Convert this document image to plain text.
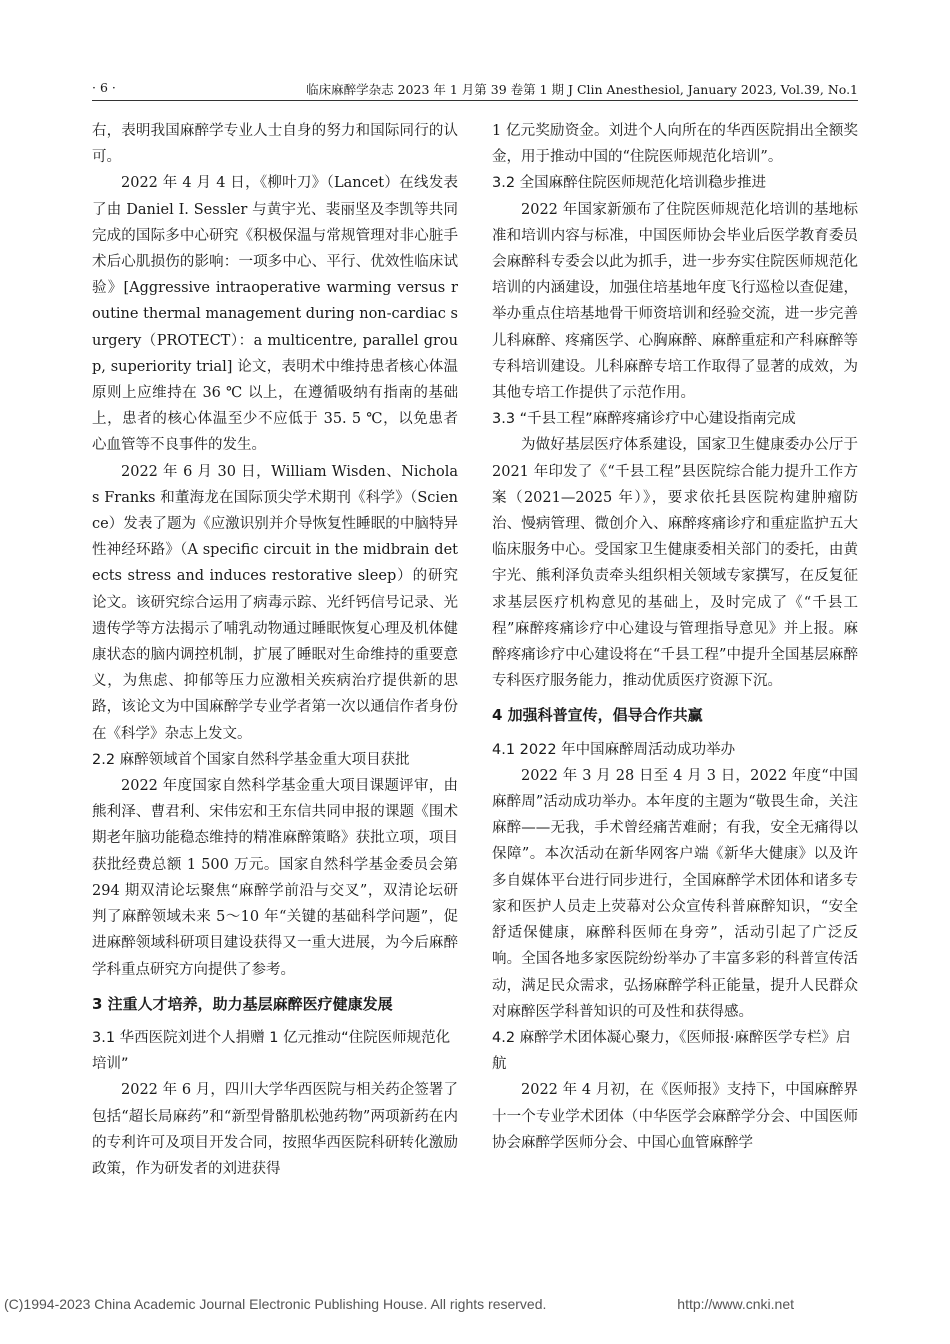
· 6 ·	临床麻醉学杂志 2023 年 1 月第 39 卷第 1 期 J Clin Anesthesiol, January 2023, Vol.39, No.1

右，表明我国麻醉学专业人士自身的努力和国际同行的认可。

2022 年 4 月 4 日，《柳叶刀》（Lancet）在线发表了由 Daniel I. Sessler 与黄宇光、裴丽坚及李凯等共同完成的国际多中心研究《积极保温与常规管理对非心脏手术后心肌损伤的影响：一项多中心、平行、优效性临床试验》[Aggressive intraoperative warming versus routine thermal management during non-cardiac surgery（PROTECT）：a multicentre, parallel group, superiority trial] 论文，表明术中维持患者核心体温原则上应维持在 36 ℃ 以上，在遵循吸纳有指南的基础上，患者的核心体温至少不应低于 35. 5 ℃，以免患者心血管等不良事件的发生。

2022 年 6 月 30 日，William Wisden、Nicholas Franks 和董海龙在国际顶尖学术期刊《科学》（Science）发表了题为《应激识别并介导恢复性睡眠的中脑特异性神经环路》（A specific circuit in the midbrain detects stress and induces restorative sleep）的研究论文。该研究综合运用了病毒示踪、光纤钙信号记录、光遗传学等方法揭示了哺乳动物通过睡眠恢复心理及机体健康状态的脑内调控机制，扩展了睡眠对生命维持的重要意义，为焦虑、抑郁等压力应激相关疾病治疗提供新的思路，该论文为中国麻醉学专业学者第一次以通信作者身份在《科学》杂志上发文。

2.2 麻醉领域首个国家自然科学基金重大项目获批

2022 年度国家自然科学基金重大项目课题评审，由熊利泽、曹君利、宋伟宏和王东信共同申报的课题《围术期老年脑功能稳态维持的精准麻醉策略》获批立项，项目获批经费总额 1 500 万元。国家自然科学基金委员会第 294 期双清论坛聚焦“麻醉学前沿与交叉”，双清论坛研判了麻醉领域未来 5～10 年“关键的基础科学问题”，促进麻醉领域科研项目建设获得又一重大进展，为今后麻醉学科重点研究方向提供了参考。

3 注重人才培养，助力基层麻醉医疗健康发展
3.1 华西医院刘进个人捐赠 1 亿元推动“住院医师规范化培训”

2022 年 6 月，四川大学华西医院与相关药企签署了包括“超长局麻药”和“新型骨骼肌松弛药物”两项新药在内的专利许可及项目开发合同，按照华西医院科研转化激励政策，作为研发者的刘进获得

1 亿元奖励资金。刘进个人向所在的华西医院捐出全额奖金，用于推动中国的“住院医师规范化培训”。

3.2 全国麻醉住院医师规范化培训稳步推进

2022 年国家新颁布了住院医师规范化培训的基地标准和培训内容与标准，中国医师协会毕业后医学教育委员会麻醉科专委会以此为抓手，进一步夯实住院医师规范化培训的内涵建设，加强住培基地年度飞行巡检以查促建，举办重点住培基地骨干师资培训和经验交流，进一步完善儿科麻醉、疼痛医学、心胸麻醉、麻醉重症和产科麻醉等专科培训建设。儿科麻醉专培工作取得了显著的成效，为其他专培工作提供了示范作用。

3.3 “千县工程”麻醉疼痛诊疗中心建设指南完成

为做好基层医疗体系建设，国家卫生健康委办公厅于 2021 年印发了《“千县工程”县医院综合能力提升工作方案（2021—2025 年）》，要求依托县医院构建肿瘤防治、慢病管理、微创介入、麻醉疼痛诊疗和重症监护五大临床服务中心。受国家卫生健康委相关部门的委托，由黄宇光、熊利泽负责牵头组织相关领域专家撰写，在反复征求基层医疗机构意见的基础上，及时完成了《“千县工程”麻醉疼痛诊疗中心建设与管理指导意见》并上报。麻醉疼痛诊疗中心建设将在“千县工程”中提升全国基层麻醉专科医疗服务能力，推动优质医疗资源下沉。

4 加强科普宣传，倡导合作共赢
4.1 2022 年中国麻醉周活动成功举办

2022 年 3 月 28 日至 4 月 3 日，2022 年度“中国麻醉周”活动成功举办。本年度的主题为“敬畏生命，关注麻醉——无我，手术曾经痛苦难耐；有我，安全无痛得以保障”。本次活动在新华网客户端《新华大健康》以及许多自媒体平台进行同步进行，全国麻醉学术团体和诸多专家和医护人员走上荧幕对公众宣传科普麻醉知识，“安全舒适保健康，麻醉科医师在身旁”，活动引起了广泛反响。全国各地多家医院纷纷举办了丰富多彩的科普宣传活动，满足民众需求，弘扬麻醉学科正能量，提升人民群众对麻醉医学科普知识的可及性和获得感。

4.2 麻醉学术团体凝心聚力，《医师报·麻醉医学专栏》启航

2022 年 4 月初，在《医师报》支持下，中国麻醉界十一个专业学术团体（中华医学会麻醉学分会、中国医师协会麻醉学医师分会、中国心血管麻醉学

(C)1994-2023 China Academic Journal Electronic Publishing House. All rights reserved.	http://www.cnki.net
